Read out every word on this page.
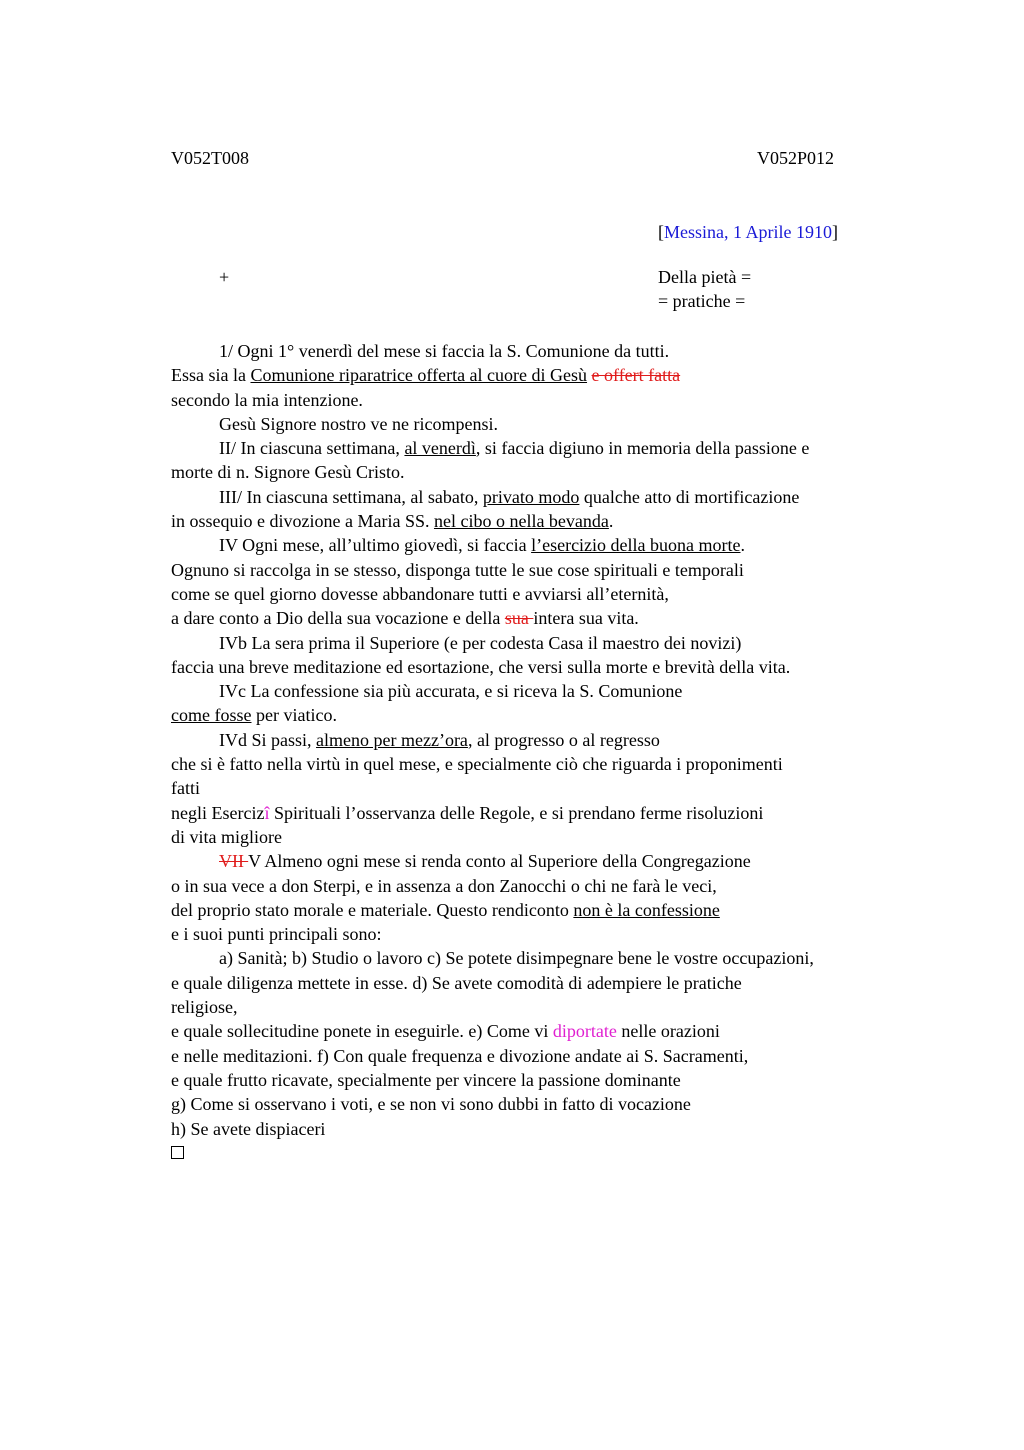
V052T008	V052P012
[Messina, 1 Aprile 1910]
+	Della pietà =
= pratiche =
1/ Ogni 1° venerdì del mese si faccia la S. Comunione da tutti.
Essa sia la Comunione riparatrice offerta al cuore di Gesù e offert fatta
secondo la mia intenzione.
Gesù Signore nostro ve ne ricompensi.
II/ In ciascuna settimana, al venerdì, si faccia digiuno in memoria della passione e
morte di n. Signore Gesù Cristo.
III/ In ciascuna settimana, al sabato, privato modo qualche atto di mortificazione
in ossequio e divozione a Maria SS. nel cibo o nella bevanda.
IV Ogni mese, all’ultimo giovedì, si faccia l’esercizio della buona morte.
Ognuno si raccolga in se stesso, disponga tutte le sue cose spirituali e temporali
come se quel giorno dovesse abbandonare tutti e avviarsi all’eternità,
a dare conto a Dio della sua vocazione e della sua intera sua vita.
IVb La sera prima il Superiore (e per codesta Casa il maestro dei novizi)
faccia una breve meditazione ed esortazione, che versi sulla morte e brevità della vita.
IVc La confessione sia più accurata, e si riceva la S. Comunione
come fosse per viatico.
IVd Si passi, almeno per mezz’ora, al progresso o al regresso
che si è fatto nella virtù in quel mese, e specialmente ciò che riguarda i proponimenti
fatti
negli Esercizî Spirituali l’osservanza delle Regole, e si prendano ferme risoluzioni
di vita migliore
VII V Almeno ogni mese si renda conto al Superiore della Congregazione
o in sua vece a don Sterpi, e in assenza a don Zanocchi o chi ne farà le veci,
del proprio stato morale e materiale. Questo rendiconto non è la confessione
e i suoi punti principali sono:
a) Sanità; b) Studio o lavoro c) Se potete disimpegnare bene le vostre occupazioni,
e quale diligenza mettete in esse. d) Se avete comodità di adempiere le pratiche
religiose,
e quale sollecitudine ponete in eseguirle. e) Come vi diportate nelle orazioni
e nelle meditazioni. f) Con quale frequenza e divozione andate ai S. Sacramenti,
e quale frutto ricavate, specialmente per vincere la passione dominante
g) Come si osservano i voti, e se non vi sono dubbi in fatto di vocazione
h) Se avete dispiaceri
